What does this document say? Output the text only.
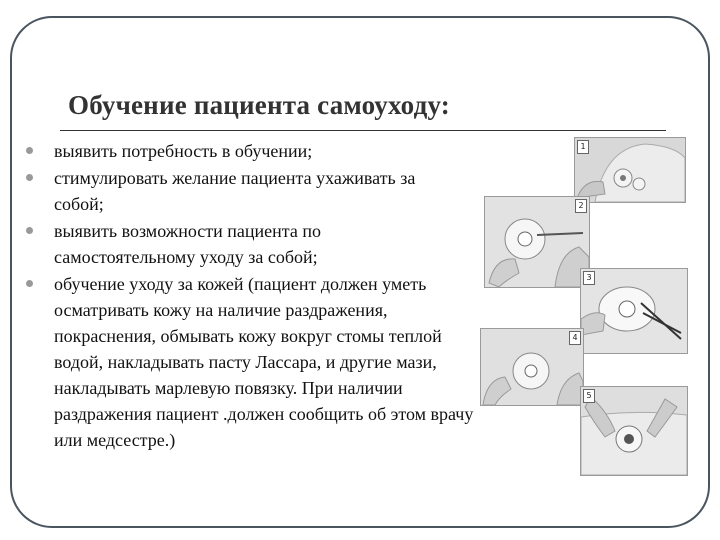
Обучение пациента самоуходу:
выявить потребность в обучении;
стимулировать желание пациента ухаживать за собой;
выявить возможности пациента по самостоятельному уходу за собой;
обучение уходу за кожей (пациент должен уметь осматривать кожу на наличие раздражения, покраснения, обмывать кожу вокруг стомы теплой водой, накладывать пасту Лассара, и другие мази, накладывать марлевую повязку. При наличии раздражения пациент .должен сообщить об этом врачу или медсестре.)
1
2
3
4
5
